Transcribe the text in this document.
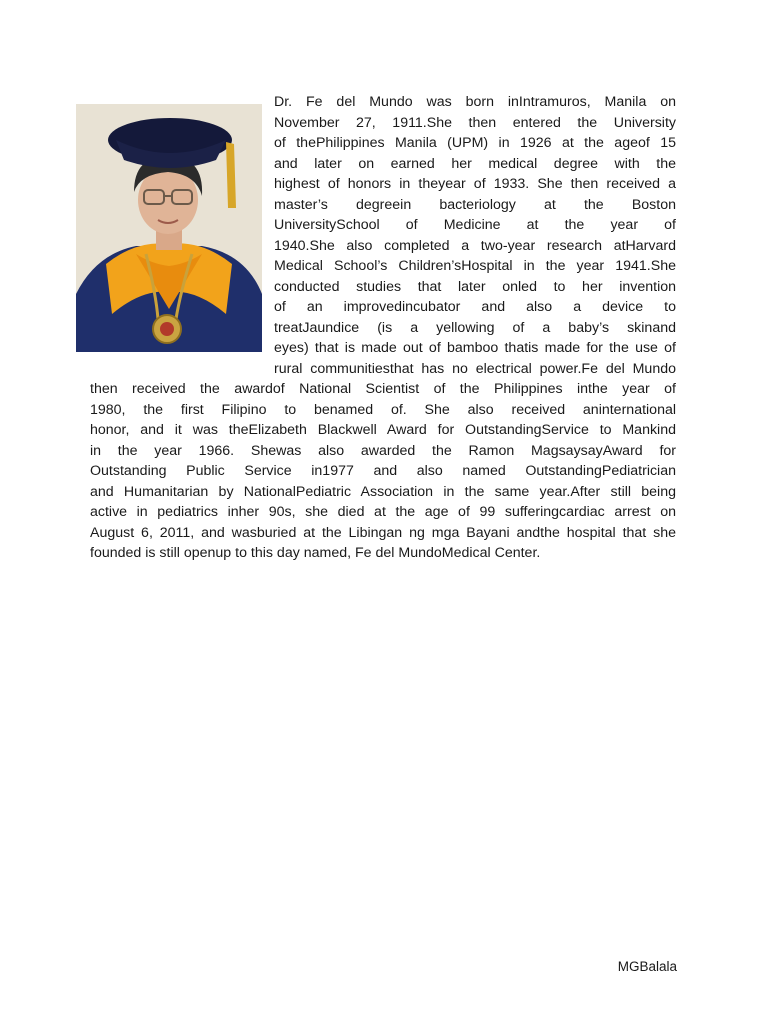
Dr. Fe del Mundo was born inIntramuros, Manila on
November 27, 1911.She then entered the University
of thePhilippines Manila (UPM) in 1926 at the ageof 15
and later on earned her medical degree with the
highest of honors in theyear of 1933. She then received a
master’s degreein bacteriology at the Boston
UniversitySchool of Medicine at the year of
1940.She also completed a two-year research atHarvard
Medical School’s Children’sHospital in the year 1941.She
conducted studies that later onled to her invention
of an improvedincubator and also a device to
treatJaundice (is a yellowing of a baby’s skinand
eyes) that is made out of bamboo thatis made for the use of
rural communitiesthat has no electrical power.Fe del Mundo
then received the awardof National Scientist of the Philippines inthe year of
1980, the first Filipino to benamed of. She also received aninternational
honor, and it was theElizabeth Blackwell Award for OutstandingService to Mankind
in the year 1966. Shewas also awarded the Ramon MagsaysayAward for
Outstanding Public Service in1977 and also named OutstandingPediatrician
and Humanitarian by NationalPediatric Association in the same year.After still being
active in pediatrics inher 90s, she died at the age of 99 sufferingcardiac arrest on
August 6, 2011, and wasburied at the Libingan ng mga Bayani andthe hospital that she
founded is still openup to this day named, Fe del MundoMedical Center.
MGBalala
